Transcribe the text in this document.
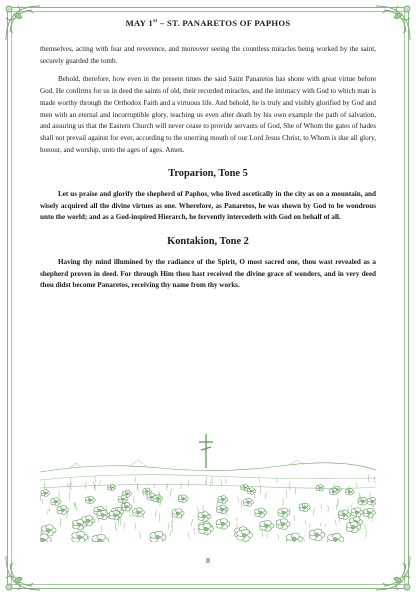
MAY 1st – ST. PANARETOS OF PAPHOS

themselves, acting with fear and reverence, and moreover seeing the countless miracles being worked by the saint, securely guarded the tomb.

Behold, therefore, how even in the present times the said Saint Panaretos has shone with great virtue before God. He confirms for us in deed the saints of old, their recorded miracles, and the intimacy with God to which man is made worthy through the Orthodox Faith and a virtuous life. And behold, he is truly and visibly glorified by God and men with an eternal and incorruptible glory, teaching us even after death by his own example the path of salvation, and assuring us that the Eastern Church will never cease to provide servants of God, She of Whom the gates of hades shall not prevail against for ever, according to the unerring mouth of our Lord Jesus Christ, to Whom is due all glory, honour, and worship, unto the ages of ages. Amen.

Troparion, Tone 5

Let us praise and glorify the shepherd of Paphos, who lived ascetically in the city as on a mountain, and wisely acquired all the divine virtues as one. Wherefore, as Panaretos, he was shown by God to be wondrous unto the world; and as a God-inspired Hierarch, he fervently intercedeth with God on behalf of all.

Kontakion, Tone 2

Having thy mind illumined by the radiance of the Spirit, O most sacred one, thou wast revealed as a shepherd proven in deed. For through Him thou hast received the divine grace of wonders, and in very deed thou didst become Panaretos, receiving thy name from thy works.

8
